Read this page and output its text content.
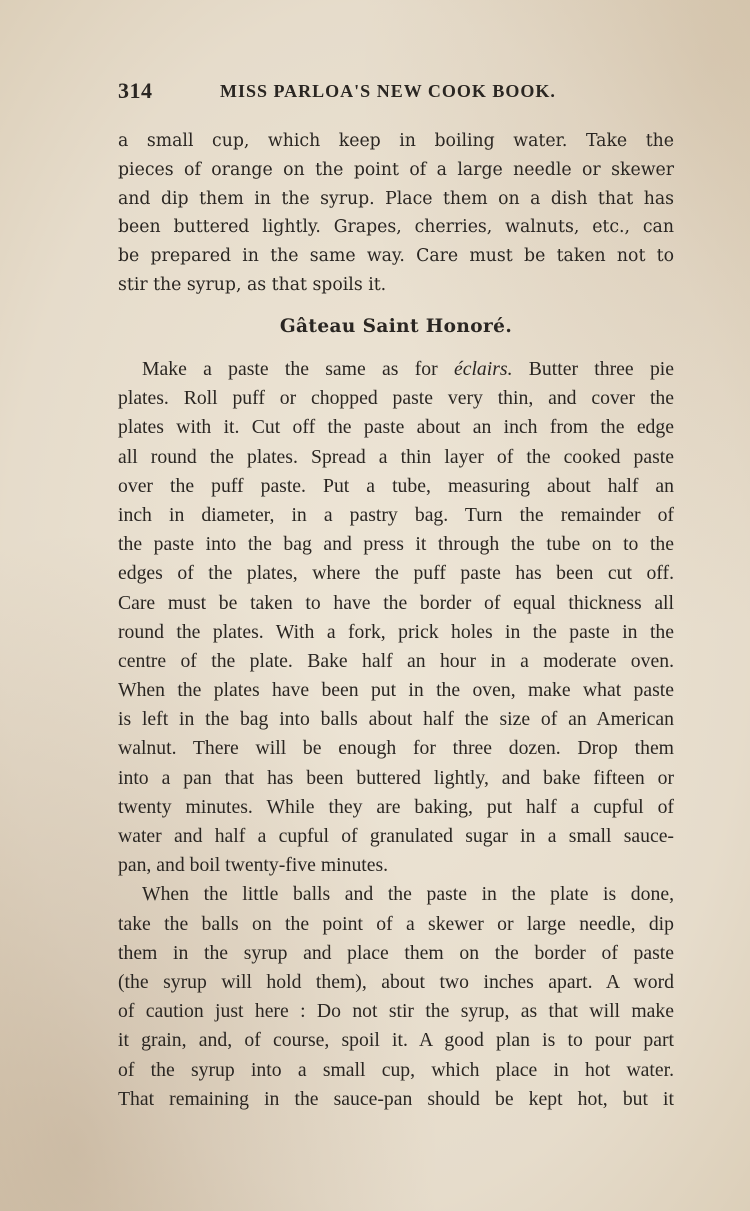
314	MISS PARLOA'S NEW COOK BOOK.
a small cup, which keep in boiling water. Take the
pieces of orange on the point of a large needle or skewer
and dip them in the syrup. Place them on a dish that has
been buttered lightly. Grapes, cherries, walnuts, etc., can
be prepared in the same way. Care must be taken not to
stir the syrup, as that spoils it.
Gâteau Saint Honoré.
Make a paste the same as for éclairs. Butter three pie
plates. Roll puff or chopped paste very thin, and cover the
plates with it. Cut off the paste about an inch from the edge
all round the plates. Spread a thin layer of the cooked paste
over the puff paste. Put a tube, measuring about half an
inch in diameter, in a pastry bag. Turn the remainder of
the paste into the bag and press it through the tube on to the
edges of the plates, where the puff paste has been cut off.
Care must be taken to have the border of equal thickness all
round the plates. With a fork, prick holes in the paste in the
centre of the plate. Bake half an hour in a moderate oven.
When the plates have been put in the oven, make what paste
is left in the bag into balls about half the size of an American
walnut. There will be enough for three dozen. Drop them
into a pan that has been buttered lightly, and bake fifteen or
twenty minutes. While they are baking, put half a cupful of
water and half a cupful of granulated sugar in a small sauce-
pan, and boil twenty-five minutes.
When the little balls and the paste in the plate is done,
take the balls on the point of a skewer or large needle, dip
them in the syrup and place them on the border of paste
(the syrup will hold them), about two inches apart. A word
of caution just here : Do not stir the syrup, as that will make
it grain, and, of course, spoil it. A good plan is to pour part
of the syrup into a small cup, which place in hot water.
That remaining in the sauce-pan should be kept hot, but it
